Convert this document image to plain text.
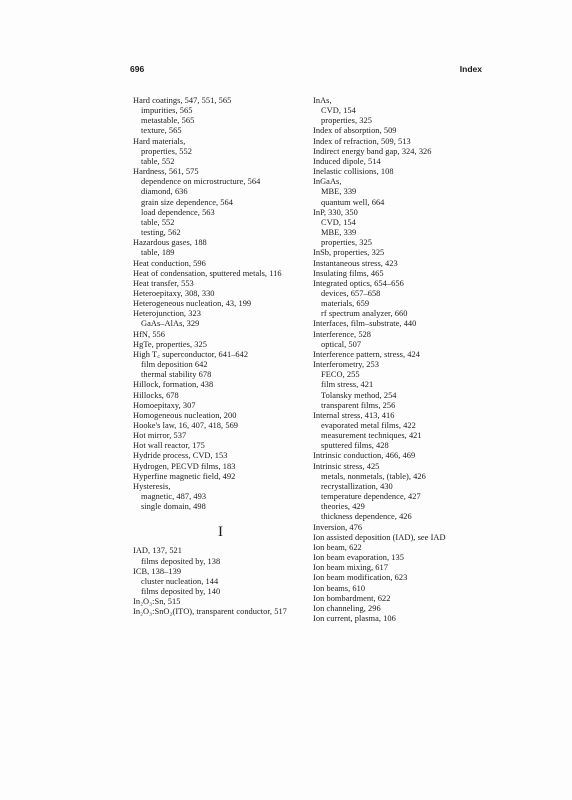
696	Index
Hard coatings, 547, 551, 565
impurities, 565
metastable, 565
texture, 565
Hard materials,
properties, 552
table, 552
Hardness, 561, 575
dependence on microstructure, 564
diamond, 636
grain size dependence, 564
load dependence, 563
table, 552
testing, 562
Hazardous gases, 188
table, 189
Heat conduction, 596
Heat of condensation, sputtered metals, 116
Heat transfer, 553
Heteroepitaxy, 308, 330
Heterogeneous nucleation, 43, 199
Heterojunction, 323
GaAs–AlAs, 329
HfN, 556
HgTe, properties, 325
High T꜀ superconductor, 641–642
film deposition 642
thermal stability 678
Hillock, formation, 438
Hillocks, 678
Homoepitaxy, 307
Homogeneous nucleation, 200
Hooke's law, 16, 407, 418, 569
Hot mirror, 537
Hot wall reactor, 175
Hydride process, CVD, 153
Hydrogen, PECVD films, 183
Hyperfine magnetic field, 492
Hysteresis,
magnetic, 487, 493
single domain, 498
I
IAD, 137, 521
films deposited by, 138
ICB, 138–139
cluster nucleation, 144
films deposited by, 140
In₂O₃:Sn, 515
In₂O₃:SnO₂(ITO), transparent conductor, 517
InAs,
CVD, 154
properties, 325
Index of absorption, 509
Index of refraction, 509, 513
Indirect energy band gap, 324, 326
Induced dipole, 514
Inelastic collisions, 108
InGaAs,
MBE, 339
quantum well, 664
InP, 330, 350
CVD, 154
MBE, 339
properties, 325
InSb, properties, 325
Instantaneous stress, 423
Insulating films, 465
Integrated optics, 654–656
devices, 657–658
materials, 659
rf spectrum analyzer, 660
Interfaces, film–substrate, 440
Interference, 528
optical, 507
Interference pattern, stress, 424
Interferometry, 253
FECO, 255
film stress, 421
Tolansky method, 254
transparent films, 256
Internal stress, 413, 416
evaporated metal films, 422
measurement techniques, 421
sputtered films, 428
Intrinsic conduction, 466, 469
Intrinsic stress, 425
metals, nonmetals, (table), 426
recrystallization, 430
temperature dependence, 427
theories, 429
thickness dependence, 426
Inversion, 476
Ion assisted deposition (IAD), see IAD
Ion beam, 622
Ion beam evaporation, 135
Ion beam mixing, 617
Ion beam modification, 623
Ion beams, 610
Ion bombardment, 622
Ion channeling, 296
Ion current, plasma, 106
